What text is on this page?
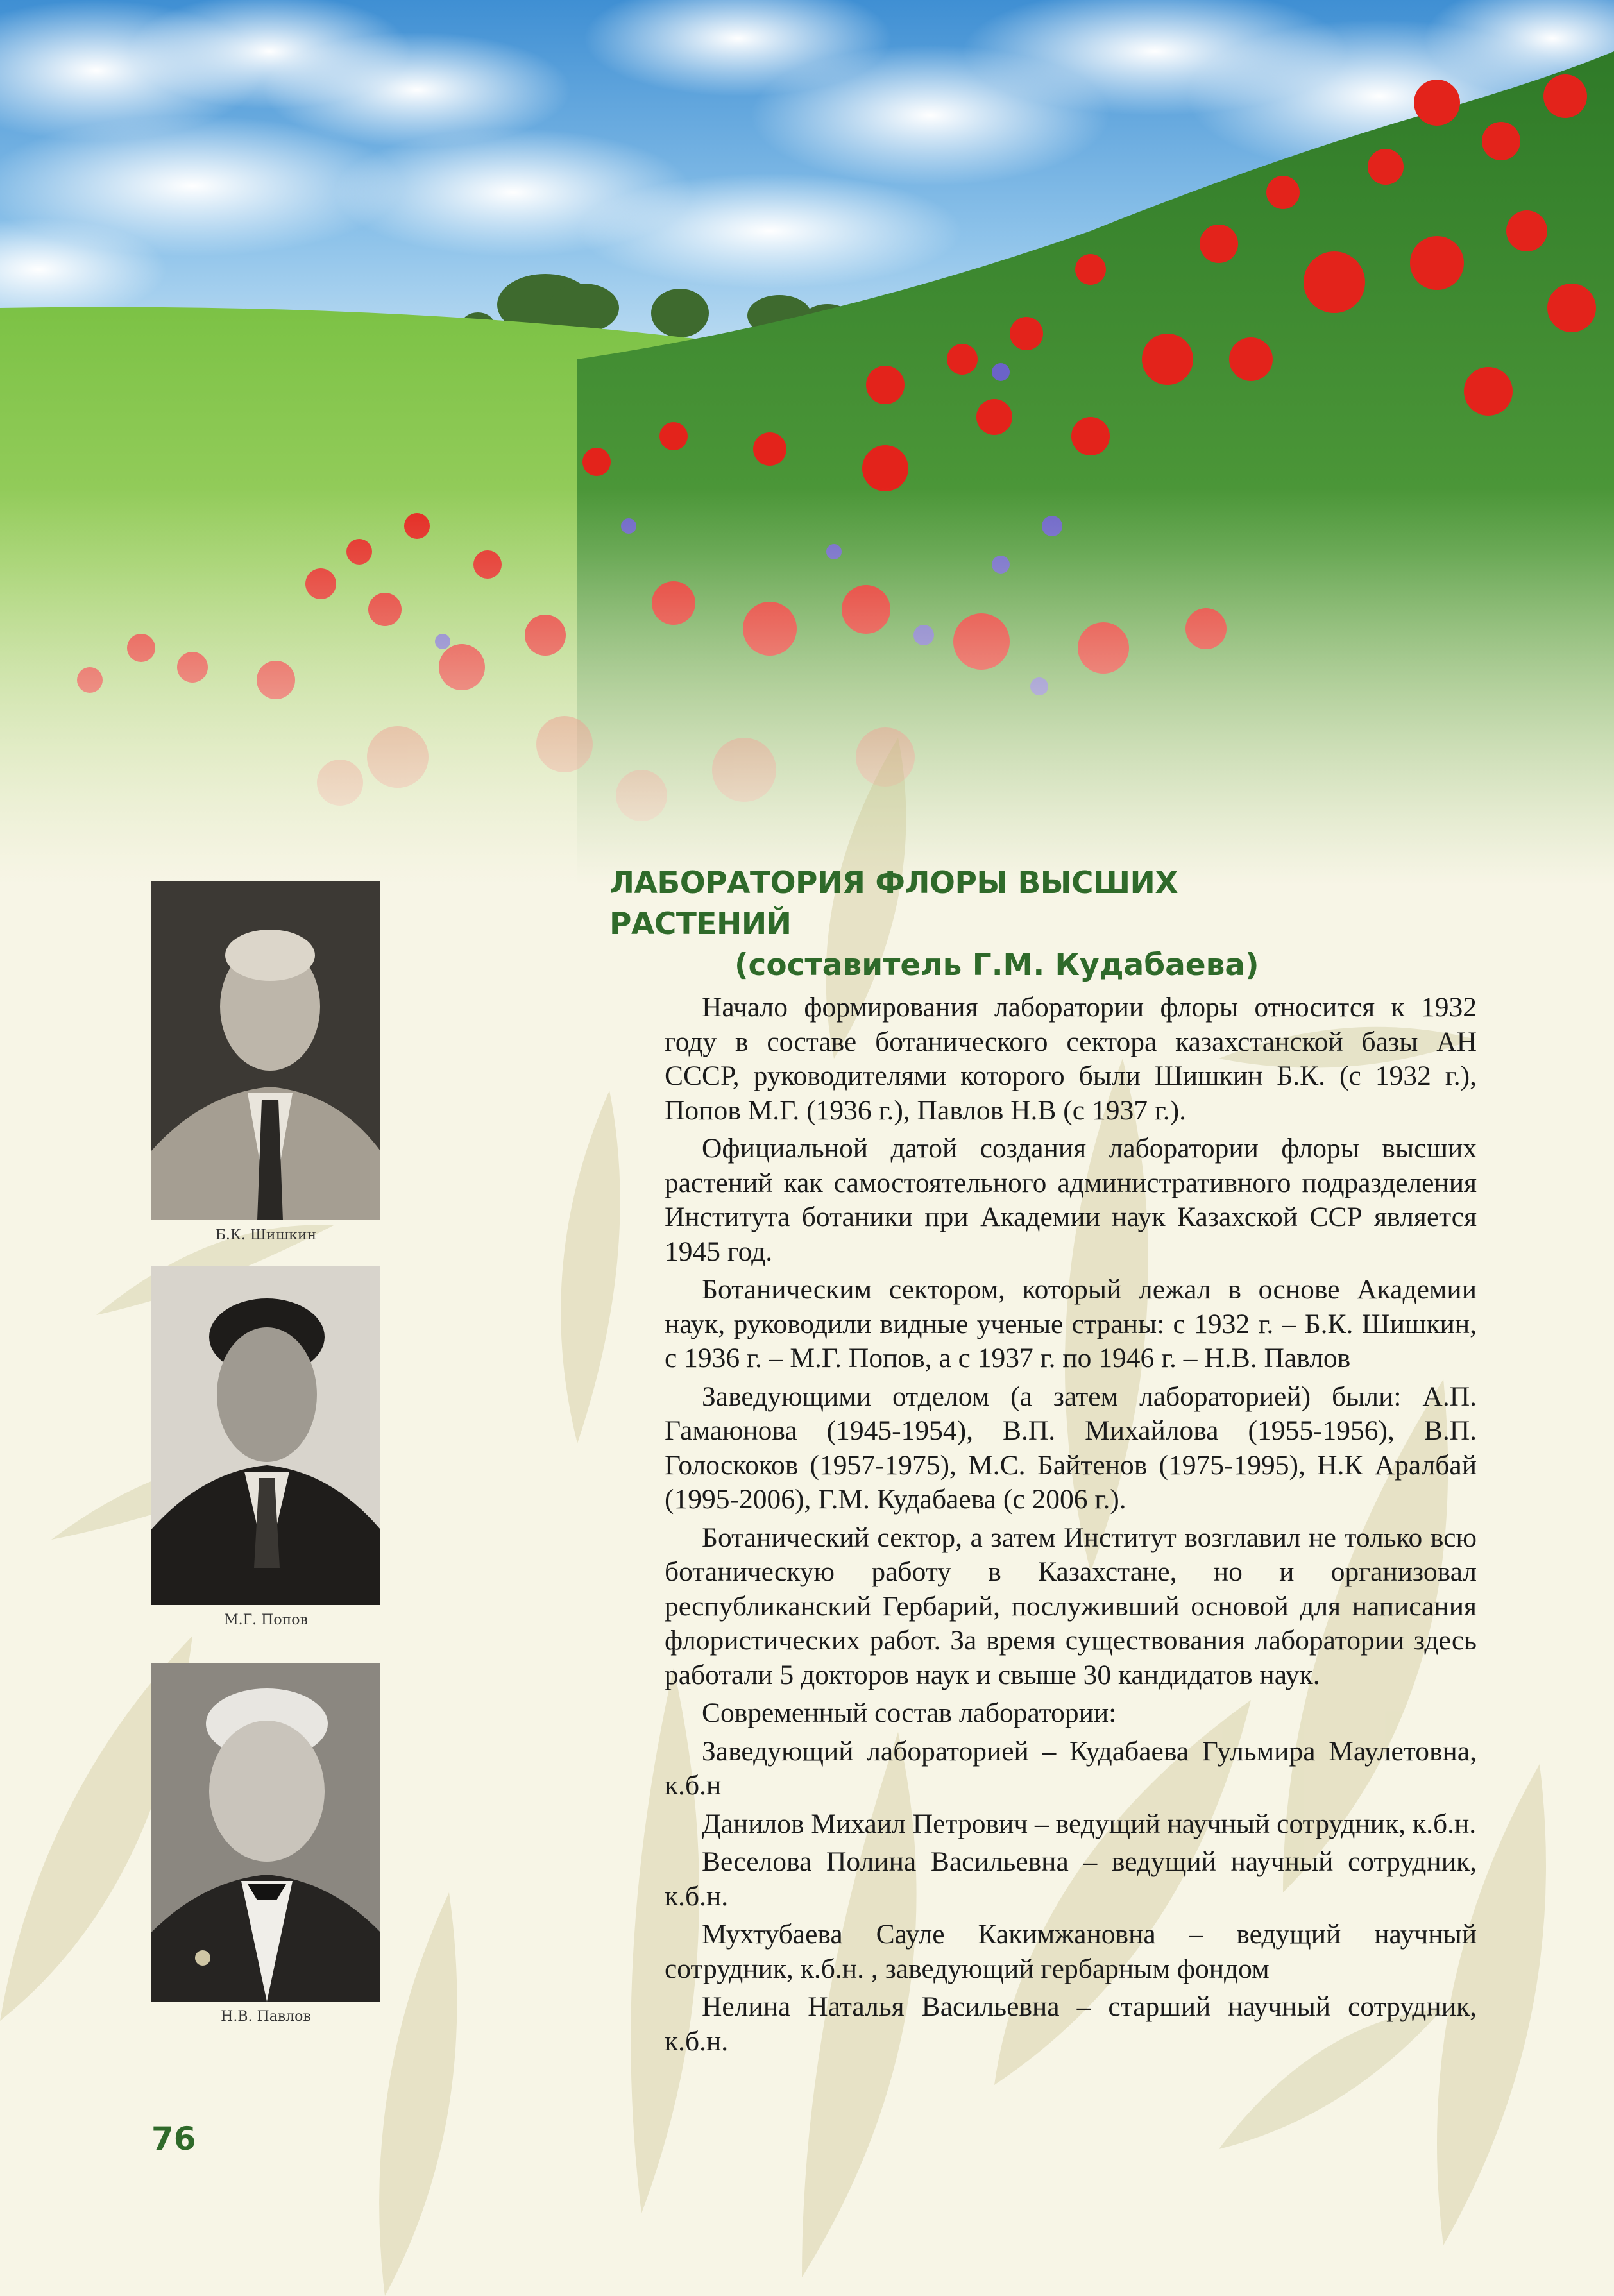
ЛАБОРАТОРИЯ ФЛОРЫ ВЫСШИХ РАСТЕНИЙ
(составитель Г.М. Кудабаева)
Б.К. Шишкин
М.Г. Попов
Н.В. Павлов

Начало формирования лаборатории флоры относится к 1932 году в составе ботанического сектора казахстанской базы АН СССР, руководителями которого были Шишкин Б.К. (с 1932 г.), Попов М.Г. (1936 г.), Павлов Н.В (с 1937 г.).

Официальной датой создания лаборатории флоры высших растений как самостоятельного административного подразделения Института ботаники при Академии наук Казахской ССР является 1945 год.

Ботаническим сектором, который лежал в основе Академии наук, руководили видные ученые страны: с 1932 г. – Б.К. Шишкин, с 1936 г. – М.Г. Попов, а с 1937 г. по 1946 г. – Н.В. Павлов

Заведующими отделом (а затем лабораторией) были: А.П. Гамаюнова (1945-1954), В.П. Михайлова (1955-1956), В.П. Голоскоков (1957-1975), М.С. Байтенов (1975-1995), Н.К Аралбай (1995-2006), Г.М. Кудабаева (с 2006 г.).

Ботанический сектор, а затем Институт возглавил не только всю ботаническую работу в Казахстане, но и организовал республиканский Гербарий, послуживший основой для написания флористических работ. За время существования лаборатории здесь работали 5 докторов наук и свыше 30 кандидатов наук.

Современный состав лаборатории:

Заведующий лабораторией – Кудабаева Гульмира Маулетовна, к.б.н

Данилов Михаил Петрович – ведущий научный сотрудник, к.б.н.

Веселова Полина Васильевна – ведущий научный сотрудник, к.б.н.

Мухтубаева Сауле Какимжановна – ведущий научный сотрудник, к.б.н. , заведующий гербарным фондом

Нелина Наталья Васильевна – старший научный сотрудник, к.б.н.

76
